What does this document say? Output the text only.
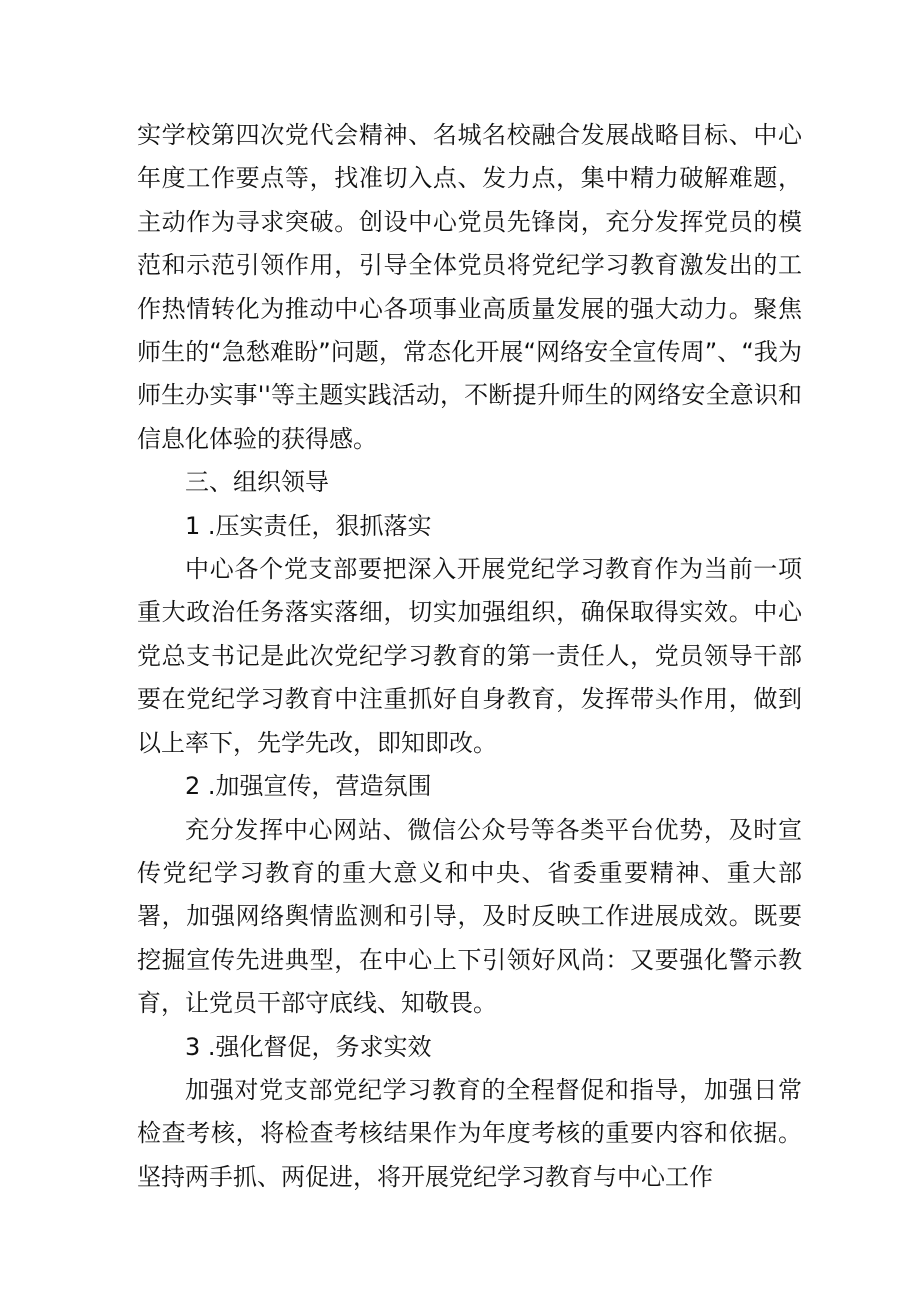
实学校第四次党代会精神、名城名校融合发展战略目标、中心年度工作要点等，找准切入点、发力点，集中精力破解难题，主动作为寻求突破。创设中心党员先锋岗，充分发挥党员的模范和示范引领作用，引导全体党员将党纪学习教育激发出的工作热情转化为推动中心各项事业高质量发展的强大动力。聚焦师生的“急愁难盼”问题，常态化开展“网络安全宣传周”、“我为师生办实事''等主题实践活动，不断提升师生的网络安全意识和信息化体验的获得感。

三、组织领导

1 .压实责任，狠抓落实

中心各个党支部要把深入开展党纪学习教育作为当前一项重大政治任务落实落细，切实加强组织，确保取得实效。中心党总支书记是此次党纪学习教育的第一责任人，党员领导干部要在党纪学习教育中注重抓好自身教育，发挥带头作用，做到以上率下，先学先改，即知即改。

2 .加强宣传，营造氛围

充分发挥中心网站、微信公众号等各类平台优势，及时宣传党纪学习教育的重大意义和中央、省委重要精神、重大部署，加强网络舆情监测和引导，及时反映工作进展成效。既要挖掘宣传先进典型，在中心上下引领好风尚：又要强化警示教育，让党员干部守底线、知敬畏。

3 .强化督促，务求实效

加强对党支部党纪学习教育的全程督促和指导，加强日常检查考核，将检查考核结果作为年度考核的重要内容和依据。坚持两手抓、两促进，将开展党纪学习教育与中心工作
